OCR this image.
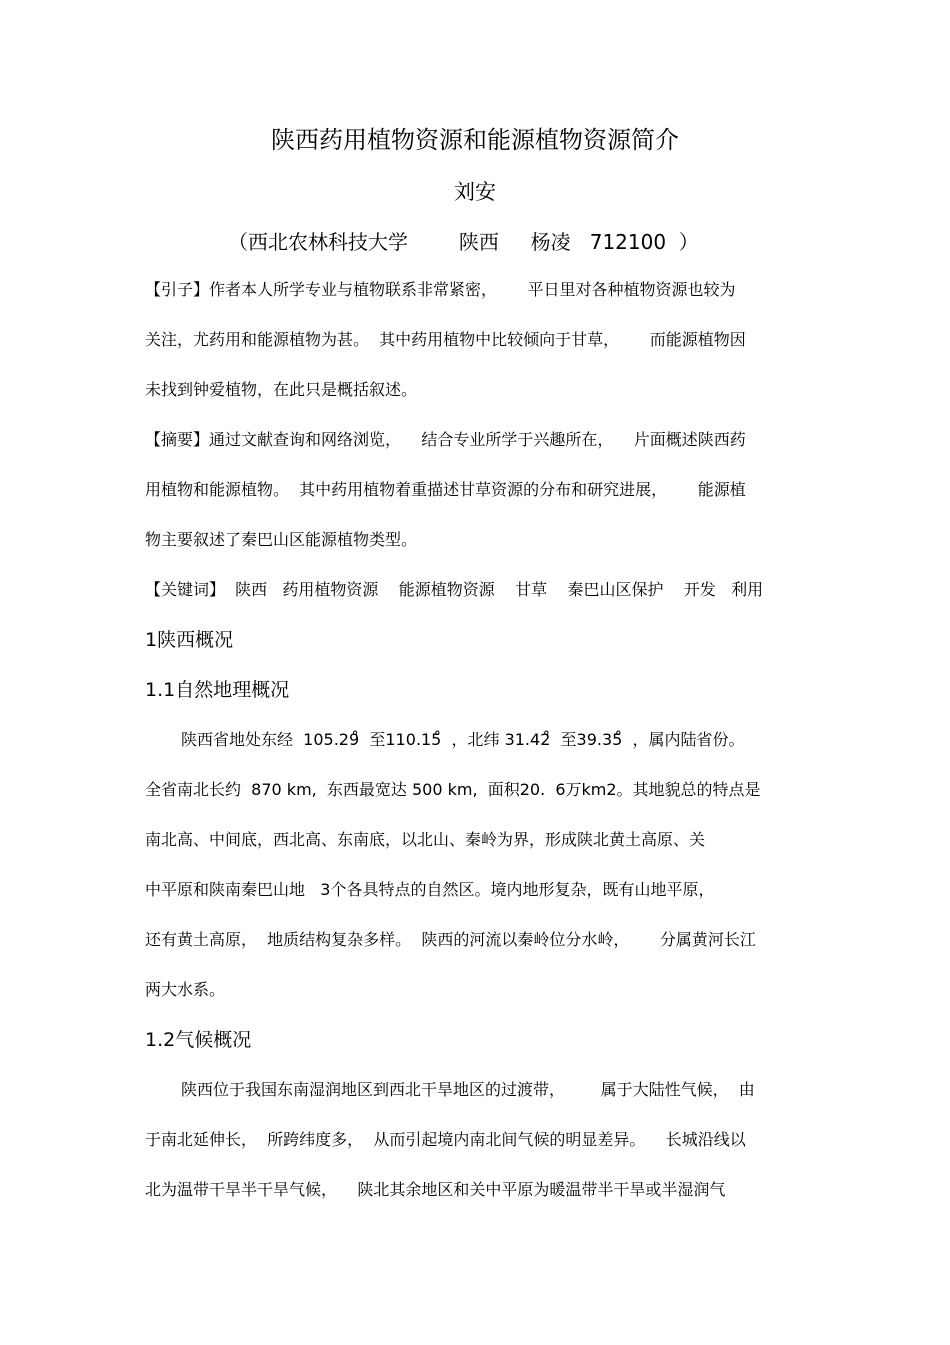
陕西药用植物资源和能源植物资源简介
刘安
（西北农林科技大学        陕西     杨凌   712100  ）
【引子】作者本人所学专业与植物联系非常紧密，      平日里对各种植物资源也较为
关注，尤药用和能源植物为甚。  其中药用植物中比较倾向于甘草，      而能源植物因
未找到钟爱植物，在此只是概括叙述。
【摘要】通过文献查询和网络浏览，    结合专业所学于兴趣所在，    片面概述陕西药
用植物和能源植物。  其中药用植物着重描述甘草资源的分布和研究进展，      能源植
物主要叙述了秦巴山区能源植物类型。
【关键词】  陕西   药用植物资源    能源植物资源    甘草    秦巴山区保护    开发   利用
1陕西概况
1.1自然地理概况
陕西省地处东经  105.29̊  至110.15̊  ，北纬 31.42̊  至39.35̊  ，属内陆省份。
全省南北长约  870 km,  东西最宽达 500 km,  面积20.  6万km2。其地貌总的特点是
南北高、中间底，西北高、东南底，以北山、秦岭为界，形成陕北黄土高原、关
中平原和陕南秦巴山地   3个各具特点的自然区。境内地形复杂，既有山地平原，
还有黄土高原，  地质结构复杂多样。  陕西的河流以秦岭位分水岭，      分属黄河长江
两大水系。
1.2气候概况
陕西位于我国东南湿润地区到西北干旱地区的过渡带，       属于大陆性气候，  由
于南北延伸长，  所跨纬度多，  从而引起境内南北间气候的明显差异。    长城沿线以
北为温带干旱半干旱气候，    陕北其余地区和关中平原为暖温带半干旱或半湿润气
